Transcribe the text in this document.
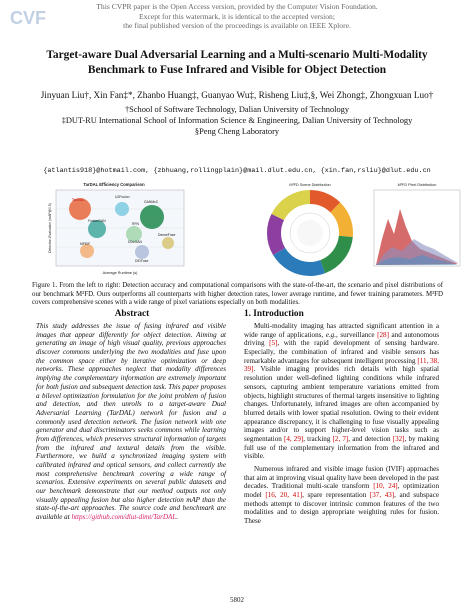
CVF
This CVPR paper is the Open Access version, provided by the Computer Vision Foundation.
Except for this watermark, it is identical to the accepted version;
the final published version of the proceedings is available on IEEE Xplore.
Target-aware Dual Adversarial Learning and a Multi-scenario Multi-Modality
Benchmark to Fuse Infrared and Visible for Object Detection
Jinyuan Liu†, Xin Fan‡*, Zhanbo Huang‡, Guanyao Wu‡, Risheng Liu‡,§, Wei Zhong‡, Zhongxuan Luo†
†School of Software Technology, Dalian University of Technology
‡DUT-RU International School of Information Science & Engineering, Dalian University of Technology
§Peng Cheng Laboratory
{atlantis918}@hotmail.com, {zbhuang,rollingplain}@mail.dlut.edu.cn, {xin.fan,rsliu}@dlut.edu.cn
TarDAL Efficiency Comparison
TarDAL
FusionGAN
U2Fusion
DDcGAN
GANMcC
RFN
MFEIF
DIDFuse
DenseFuse
Average Runtime (s)
Detection Evaluation (mAP@0.5)
M³FD Scene Distribution	M³FD Pixel Distribution
Figure 1. From the left to right: Detection accuracy and computational comparisons with the state-of-the-art, the scenario and pixel distributions of our benchmark M³FD. Ours outperforms all counterparts with higher detection rates, lower average runtime, and fewer training parameters. M³FD covers comprehensive scenes with a wide range of pixel variations especially on both modalities.
Abstract	1. Introduction
This study addresses the issue of fusing infrared and visible images that appear differently for object detection. Aiming at generating an image of high visual quality, previous approaches discover commons underlying the two modalities and fuse upon the common space either by iterative optimization or deep networks. These approaches neglect that modality differences implying the complementary information are extremely important for both fusion and subsequent detection task. This paper proposes a bilevel optimization formulation for the joint problem of fusion and detection, and then unrolls to a target-aware Dual Adversarial Learning (TarDAL) network for fusion and a commonly used detection network. The fusion network with one generator and dual discriminators seeks commons while learning from differences, which preserves structural information of targets from the infrared and textural details from the visible. Furthermore, we build a synchronized imaging system with calibrated infrared and optical sensors, and collect currently the most comprehensive benchmark covering a wide range of scenarios. Extensive experiments on several public datasets and our benchmark demonstrate that our method outputs not only visually appealing fusion but also higher detection mAP than the state-of-the-art approaches. The source code and benchmark are available at https://github.com/dlut-dimt/TarDAL.

Multi-modality imaging has attracted significant attention in a wide range of applications, e.g., surveillance [28] and autonomous driving [5], with the rapid development of sensing hardware. Especially, the combination of infrared and visible sensors has remarkable advantages for subsequent intelligent processing [11, 38, 39]. Visible imaging provides rich details with high spatial resolution under well-defined lighting conditions while infrared sensors, capturing ambient temperature variations emitted from objects, highlight structures of thermal targets insensitive to lighting changes. Unfortunately, infrared images are often accompanied by blurred details with lower spatial resolution. Owing to their evident appearance discrepancy, it is challenging to fuse visually appealing images and/or to support higher-level vision tasks such as segmentation [4, 29], tracking [2, 7], and detection [32], by making full use of the complementary information from the infrared and visible.

Numerous infrared and visible image fusion (IVIF) approaches that aim at improving visual quality have been developed in the past decades. Traditional multi-scale transform [10, 24], optimization model [16, 20, 41], spare representation [37, 43], and subspace methods attempt to discover intrinsic common features of the two modalities and to design appropriate weighting rules for fusion. These

5802
